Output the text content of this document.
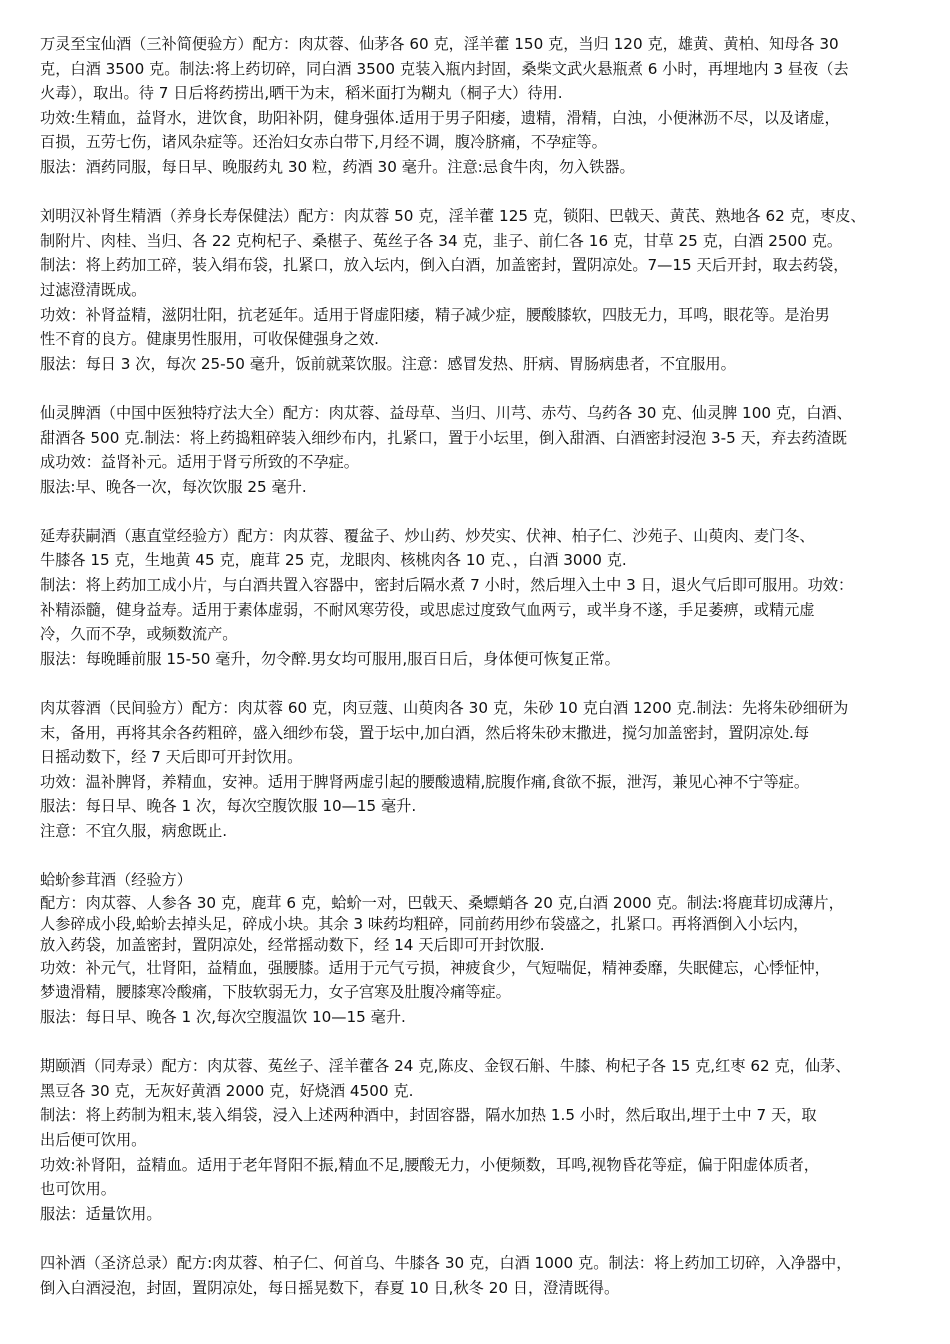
万灵至宝仙酒（三补简便验方）配方：肉苁蓉、仙茅各 60 克，淫羊藿 150 克，当归 120 克，雄黄、黄柏、知母各 30
克，白酒 3500 克。制法:将上药切碎，同白酒 3500 克装入瓶内封固，桑柴文武火悬瓶煮 6 小时，再埋地内 3 昼夜（去
火毒），取出。待 7 日后将药捞出,晒干为末，稻米面打为糊丸（桐子大）待用.
功效:生精血，益肾水，进饮食，助阳补阴，健身强体.适用于男子阳痿，遗精，滑精，白浊，小便淋沥不尽，以及诸虚，
百损，五劳七伤，诸风杂症等。还治妇女赤白带下,月经不调，腹冷脐痛，不孕症等。
服法：酒药同服，每日早、晚服药丸 30 粒，药酒 30 毫升。注意:忌食牛肉，勿入铁器。
刘明汉补肾生精酒（养身长寿保健法）配方：肉苁蓉 50 克，淫羊藿 125 克，锁阳、巴戟天、黄芪、熟地各 62 克，枣皮、
制附片、肉桂、当归、各 22 克枸杞子、桑椹子、菟丝子各 34 克，韭子、前仁各 16 克，甘草 25 克，白酒 2500 克。
制法：将上药加工碎，装入绢布袋，扎紧口，放入坛内，倒入白酒，加盖密封，置阴凉处。7—15 天后开封，取去药袋，
过滤澄清既成。
功效：补肾益精，滋阴壮阳，抗老延年。适用于肾虚阳痿，精子减少症，腰酸膝软，四肢无力，耳鸣，眼花等。是治男
性不育的良方。健康男性服用，可收保健强身之效.
服法：每日 3 次，每次 25-50 毫升，饭前就菜饮服。注意：感冒发热、肝病、胃肠病患者，不宜服用。
仙灵脾酒（中国中医独特疗法大全）配方：肉苁蓉、益母草、当归、川芎、赤芍、乌药各 30 克、仙灵脾 100 克，白酒、
甜酒各 500 克.制法：将上药捣粗碎装入细纱布内，扎紧口，置于小坛里，倒入甜酒、白酒密封浸泡 3-5 天，弃去药渣既
成功效：益肾补元。适用于肾亏所致的不孕症。
服法:早、晚各一次，每次饮服 25 毫升.
延寿获嗣酒（惠直堂经验方）配方：肉苁蓉、覆盆子、炒山药、炒芡实、伏神、柏子仁、沙苑子、山萸肉、麦门冬、
牛膝各 15 克，生地黄 45 克，鹿茸 25 克，龙眼肉、核桃肉各 10 克、，白酒 3000 克.
制法：将上药加工成小片，与白酒共置入容器中，密封后隔水煮 7 小时，然后埋入土中 3 日，退火气后即可服用。功效：
补精添髓，健身益寿。适用于素体虚弱，不耐风寒劳役，或思虑过度致气血两亏，或半身不遂，手足萎痹，或精元虚
冷，久而不孕，或频数流产。
服法：每晚睡前服 15-50 毫升，勿令醉.男女均可服用,服百日后，身体便可恢复正常。
肉苁蓉酒（民间验方）配方：肉苁蓉 60 克，肉豆蔻、山萸肉各 30 克，朱砂 10 克白酒 1200 克.制法：先将朱砂细研为
末，备用，再将其余各药粗碎，盛入细纱布袋，置于坛中,加白酒，然后将朱砂末撒进，搅匀加盖密封，置阴凉处.每
日摇动数下，经 7 天后即可开封饮用。
功效：温补脾肾，养精血，安神。适用于脾肾两虚引起的腰酸遗精,脘腹作痛,食欲不振，泄泻，兼见心神不宁等症。
服法：每日早、晚各 1 次，每次空腹饮服 10—15 毫升.
注意：不宜久服，病愈既止.
蛤蚧参茸酒（经验方）
配方：肉苁蓉、人参各 30 克，鹿茸 6 克，蛤蚧一对，巴戟天、桑螵蛸各 20 克,白酒 2000 克。制法:将鹿茸切成薄片，
人参碎成小段,蛤蚧去掉头足，碎成小块。其余 3 味药均粗碎，同前药用纱布袋盛之，扎紧口。再将酒倒入小坛内，
放入药袋，加盖密封，置阴凉处，经常摇动数下，经 14 天后即可开封饮服.
功效：补元气，壮肾阳，益精血，强腰膝。适用于元气亏损，神疲食少，气短喘促，精神委靡，失眠健忘，心悸怔忡，
梦遗滑精，腰膝寒冷酸痛，下肢软弱无力，女子宫寒及肚腹冷痛等症。
服法：每日早、晚各 1 次,每次空腹温饮 10—15 毫升.
期颐酒（同寿录）配方：肉苁蓉、菟丝子、淫羊藿各 24 克,陈皮、金钗石斛、牛膝、枸杞子各 15 克,红枣 62 克，仙茅、
黑豆各 30 克，无灰好黄酒 2000 克，好烧酒 4500 克.
制法：将上药制为粗末,装入绢袋，浸入上述两种酒中，封固容器，隔水加热 1.5 小时，然后取出,埋于土中 7 天，取
出后便可饮用。
功效:补肾阳，益精血。适用于老年肾阳不振,精血不足,腰酸无力，小便频数，耳鸣,视物昏花等症，偏于阳虚体质者，
也可饮用。
服法：适量饮用。
四补酒（圣济总录）配方:肉苁蓉、柏子仁、何首乌、牛膝各 30 克，白酒 1000 克。制法：将上药加工切碎，入净器中，
倒入白酒浸泡，封固，置阴凉处，每日摇晃数下，春夏 10 日,秋冬 20 日，澄清既得。
